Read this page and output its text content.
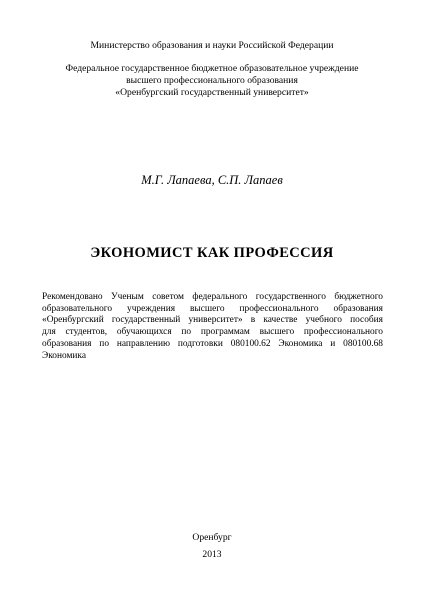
Министерство образования и науки Российской Федерации
Федеральное государственное бюджетное образовательное учреждение
высшего профессионального образования
«Оренбургский государственный университет»
М.Г. Лапаева, С.П. Лапаев
ЭКОНОМИСТ КАК ПРОФЕССИЯ
Рекомендовано Ученым советом федерального государственного бюджетного
образовательного учреждения высшего профессионального образования
«Оренбургский государственный университет» в качестве учебного пособия
для студентов, обучающихся по программам высшего профессионального
образования по направлению подготовки 080100.62 Экономика и 080100.68
Экономика
Оренбург
2013
